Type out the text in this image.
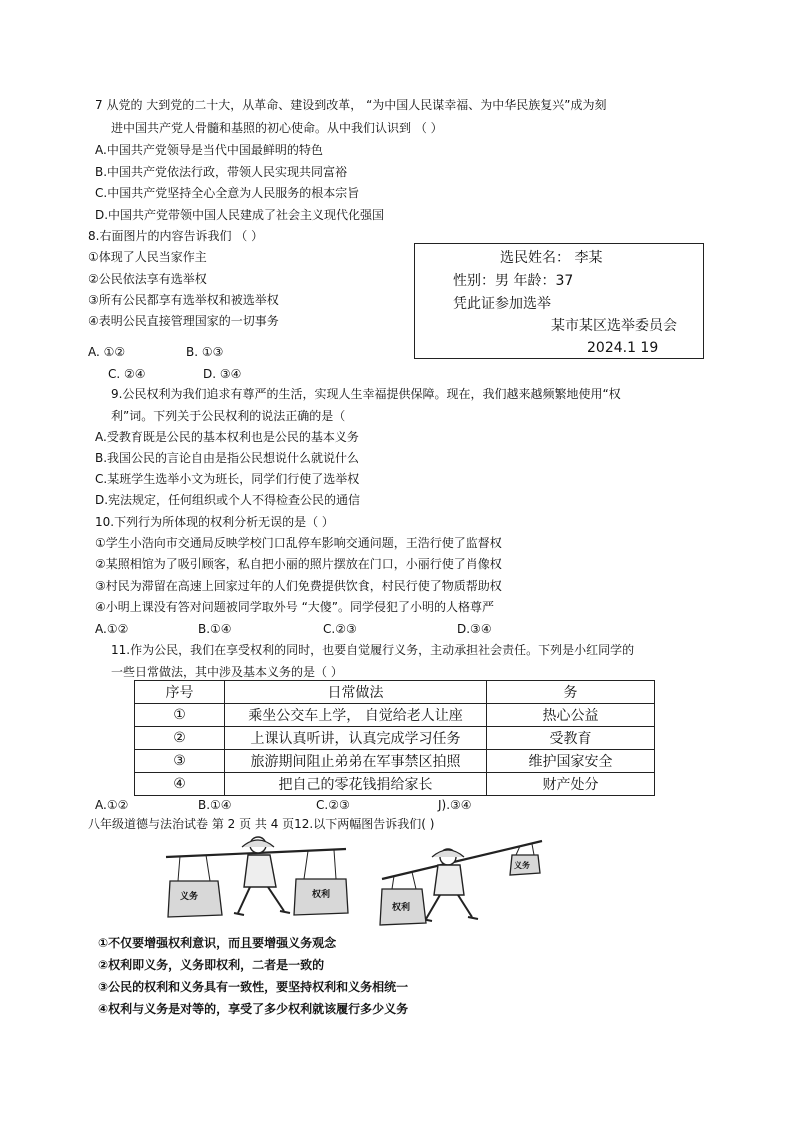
7 从党的 大到党的二十大，从革命、建设到改革， “为中国人民谋幸福、为中华民族复兴”成为刻
进中国共产党人骨髓和基照的初心使命。从中我们认识到 （ ）
A.中国共产党领导是当代中国最鲜明的特色
B.中国共产党依法行政，带领人民实现共同富裕
C.中国共产党坚持全心全意为人民服务的根本宗旨
D.中国共产党带领中国人民建成了社会主义现代化强国
8.右面图片的内容告诉我们 （ ）
①体现了人民当家作主
②公民依法享有选举权
③所有公民都享有选举权和被选举权
④表明公民直接管理国家的一切事务
A. ①②	B. ①③
C. ②④	D. ③④
选民姓名： 李某
性别：男 年龄：37
凭此证参加选举
某市某区选举委员会
2024.1 19
9.公民权利为我们追求有尊严的生活，实现人生幸福提供保障。现在，我们越来越频繁地使用“权
利”词。下列关于公民权利的说法正确的是（
A.受教育既是公民的基本权利也是公民的基本义务
B.我国公民的言论自由是指公民想说什么就说什么
C.某班学生选举小文为班长，同学们行使了选举权
D.宪法规定，任何组织或个人不得检查公民的通信
10.下列行为所体现的权利分析无误的是（ ）
①学生小浩向市交通局反映学校门口乱停车影响交通问题，王浩行使了监督权
②某照相馆为了吸引顾客，私自把小丽的照片摆放在门口，小丽行使了肖像权
③村民为滞留在高速上回家过年的人们免费提供饮食，村民行使了物质帮助权
④小明上课没有答对问题被同学取外号 “大傻”。同学侵犯了小明的人格尊严
A.①②	B.①④	C.②③	D.③④
11.作为公民，我们在享受权利的同时，也要自觉履行义务，主动承担社会责任。下列是小红同学的
一些日常做法，其中涉及基本义务的是（ ）
序号	日常做法	务
①	乘坐公交车上学， 自觉给老人让座	热心公益
②	上课认真听讲，认真完成学习任务	受教育
③	旅游期间阻止弟弟在军事禁区拍照	维护国家安全
④	把自己的零花钱捐给家长	财产处分
A.①②	B.①④	C.②③	J).③④
八年级道德与法治试卷 第 2 页 共 4 页12.以下两幅图告诉我们( )
义务	权利
权利
义务
①不仅要增强权利意识，而且要增强义务观念
②权利即义务，义务即权利，二者是一致的
③公民的权利和义务具有一致性，要坚持权利和义务相统一
④权利与义务是对等的，享受了多少权利就该履行多少义务
